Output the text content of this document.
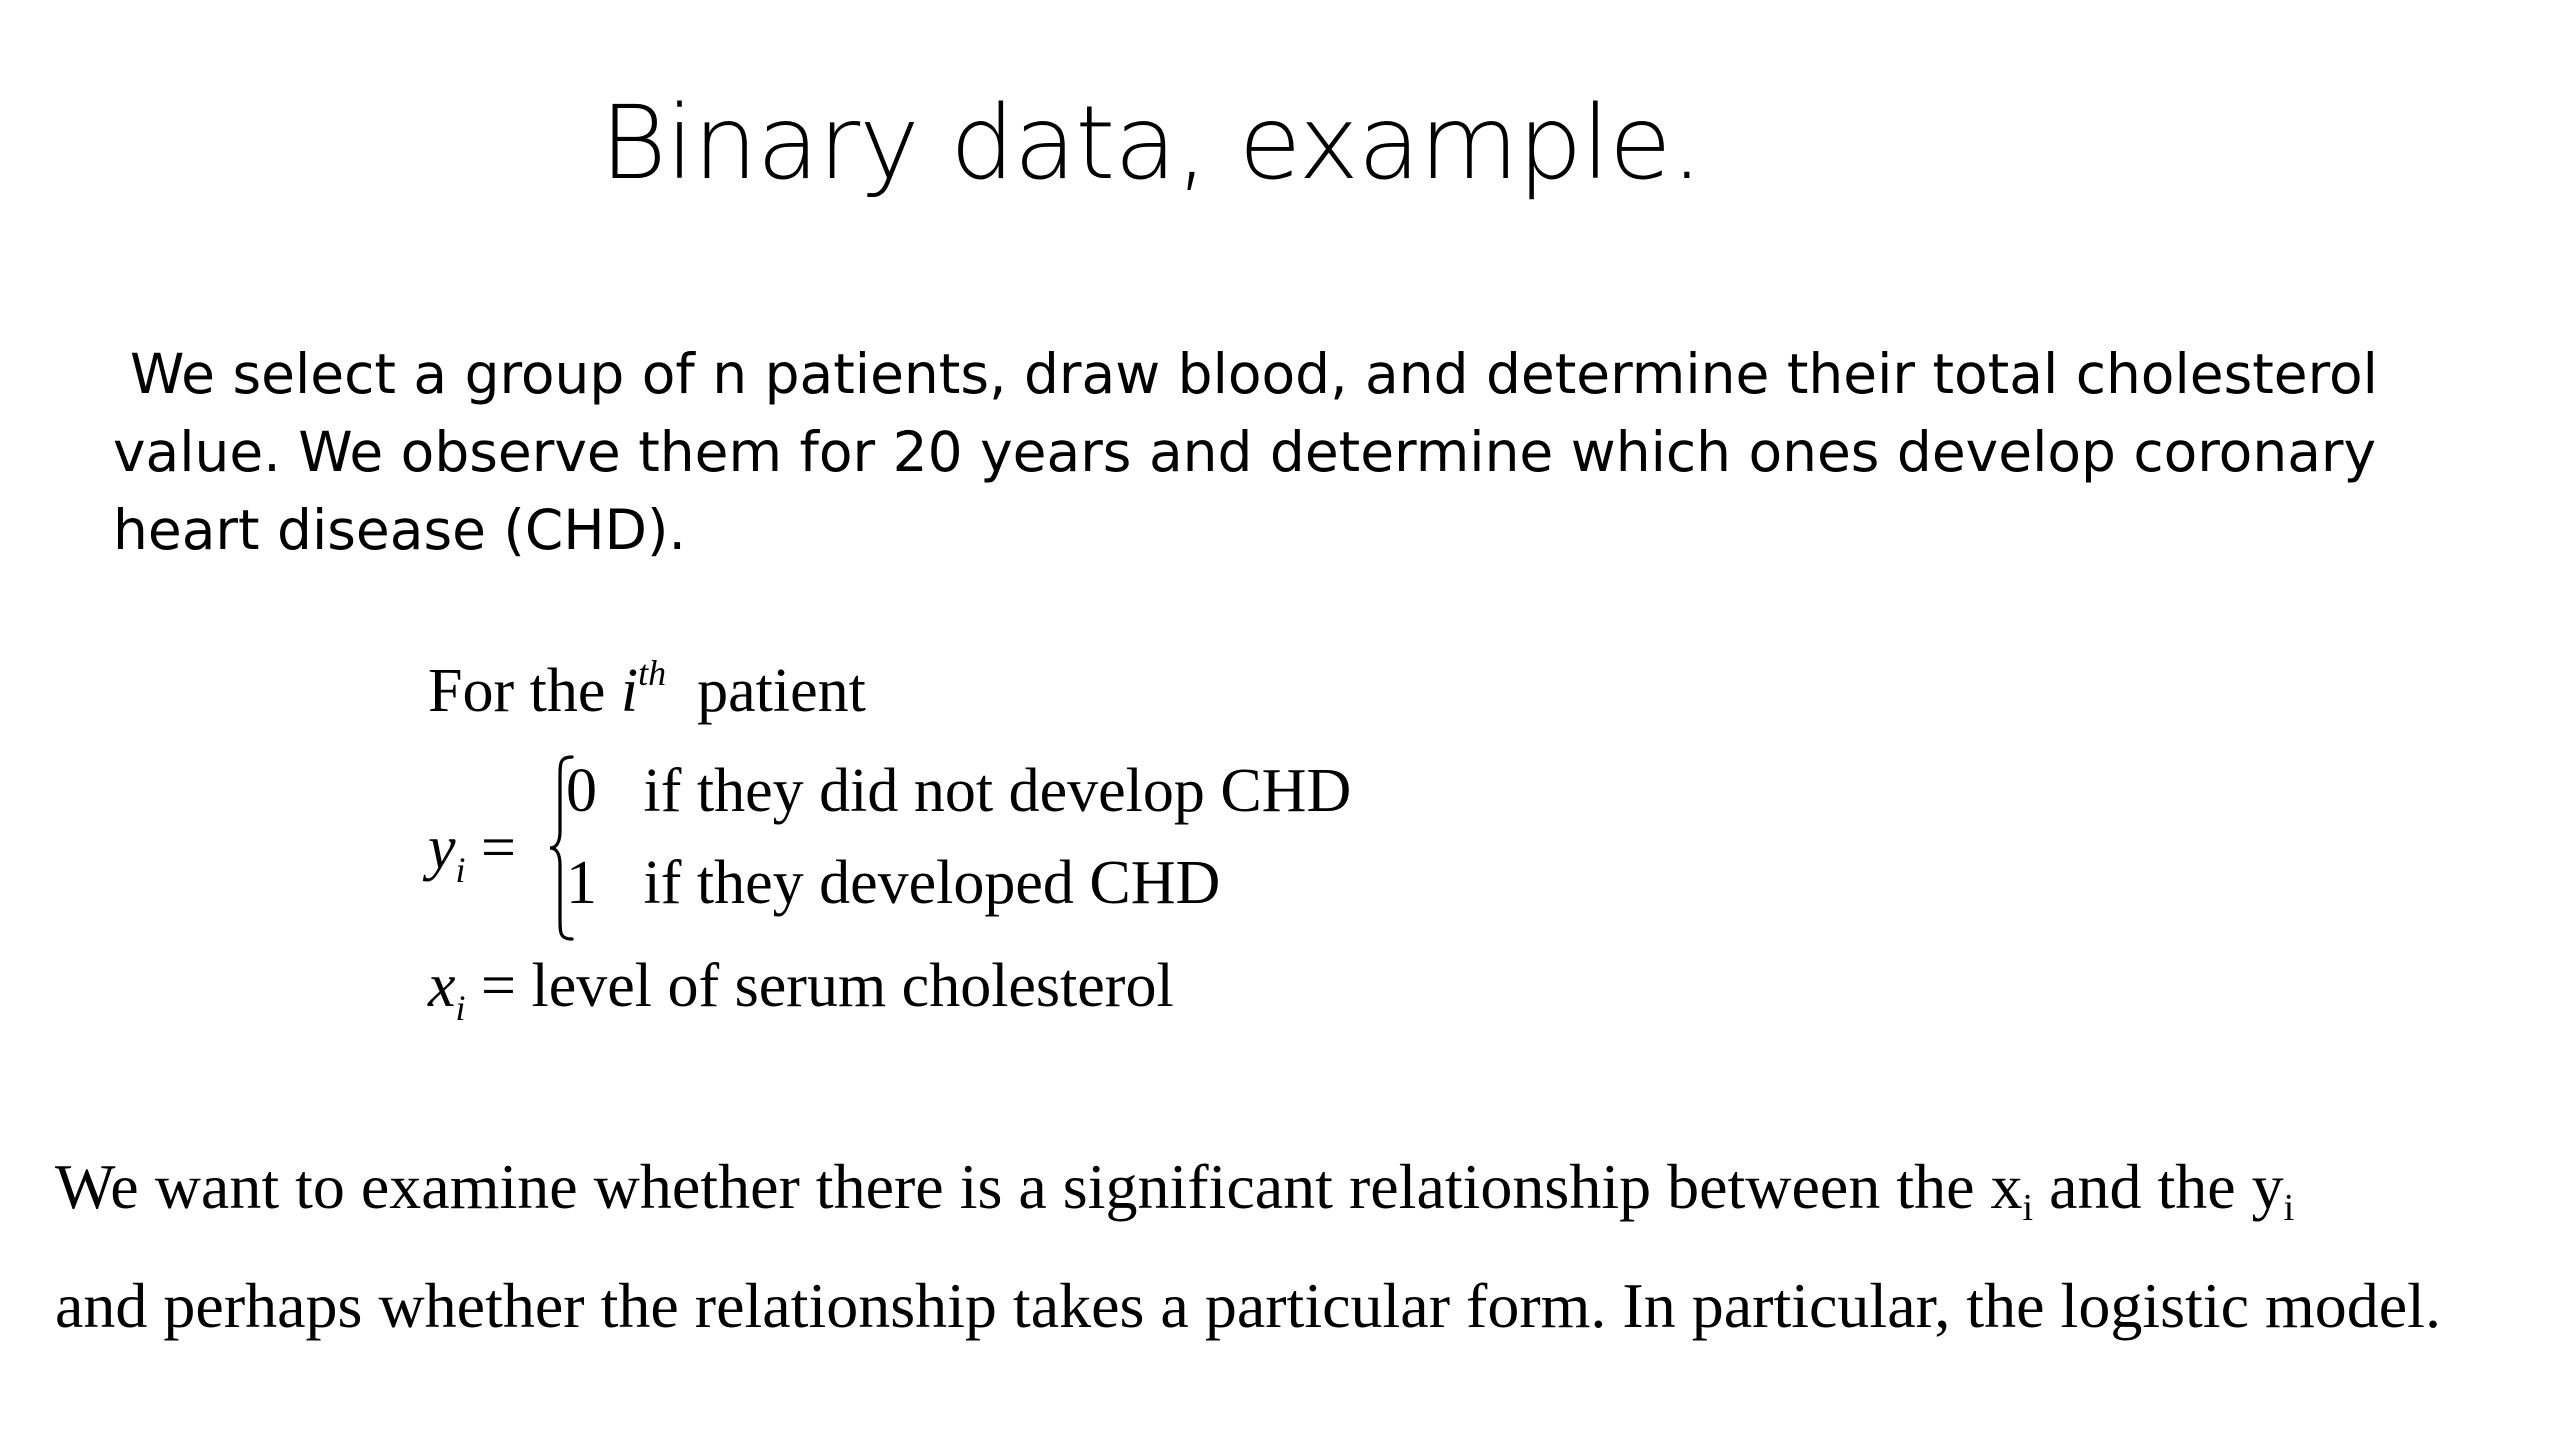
Binary data, example.
We select a group of n patients, draw blood, and determine their total cholesterol
value. We observe them for 20 years and determine which ones develop coronary
heart disease (CHD).
For the $i^{th}$ patient
$y_i$ =
0 if they did not develop CHD
1 if they developed CHD
$x_i$ = level of serum cholesterol
We want to examine whether there is a significant relationship between the $x_i$ and the $y_i$
and perhaps whether the relationship takes a particular form. In particular, the logistic model.
